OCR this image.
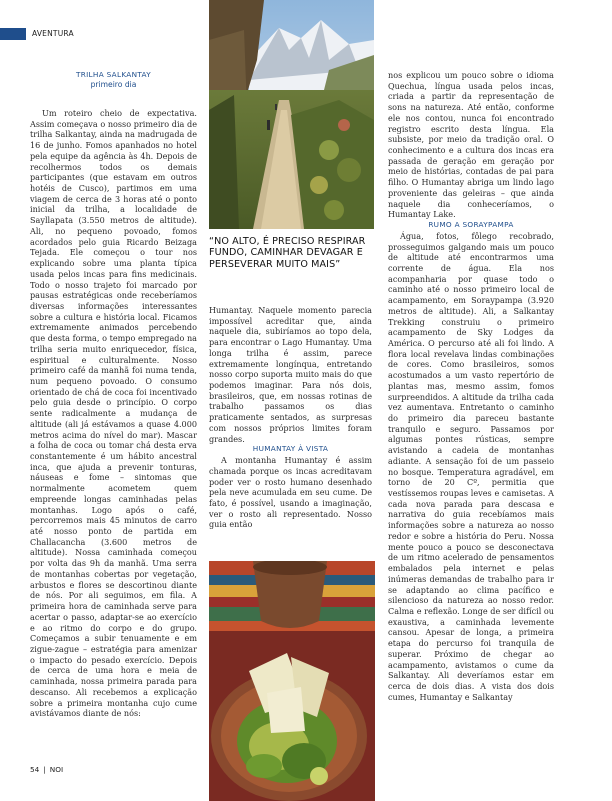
AVENTURA
TRILHA SALKANTAY
primeiro dia

Um roteiro cheio de expectativa. Assim começava o nosso primeiro dia de trilha Salkantay, ainda na madrugada de 16 de junho. Fomos apanhados no hotel pela equipe da agência às 4h. Depois de recolhermos todos os demais participantes (que estavam em outros hotéis de Cusco), partimos em uma viagem de cerca de 3 horas até o ponto inicial da trilha, a localidade de Sayllapata (3.550 metros de altitude). Ali, no pequeno povoado, fomos acordados pelo guia Ricardo Beizaga Tejada. Ele começou o tour nos explicando sobre uma planta típica usada pelos incas para fins medicinais. Todo o nosso trajeto foi marcado por pausas estratégicas onde receberíamos diversas informações interessantes sobre a cultura e história local. Ficamos extremamente animados percebendo que desta forma, o tempo empregado na trilha seria muito enriquecedor, física, espiritual e culturalmente. Nosso primeiro café da manhã foi numa tenda, num pequeno povoado. O consumo orientado de chá de coca foi incentivado pelo guia desde o princípio. O corpo sente radicalmente a mudança de altitude (ali já estávamos a quase 4.000 metros acima do nível do mar). Mascar a folha de coca ou tomar chá desta erva constantemente é um hábito ancestral inca, que ajuda a prevenir tonturas, náuseas e fome – sintomas que normalmente acometem quem empreende longas caminhadas pelas montanhas. Logo após o café, percorremos mais 45 minutos de carro até nosso ponto de partida em Challacancha (3.600 metros de altitude). Nossa caminhada começou por volta das 9h da manhã. Uma serra de montanhas cobertas por vegetação, arbustos e flores se descortinou diante de nós. Por ali seguimos, em fila. A primeira hora de caminhada serve para acertar o passo, adaptar-se ao exercício e ao ritmo do corpo e do grupo. Começamos a subir tenuamente e em zigue-zague – estratégia para amenizar o impacto do pesado exercício. Depois de cerca de uma hora e meia de caminhada, nossa primeira parada para descanso. Ali recebemos a explicação sobre a primeira montanha cujo cume avistávamos diante de nós:

“NO ALTO, É PRECISO RESPIRAR FUNDO, CAMINHAR DEVAGAR E PERSEVERAR MUITO MAIS”

Humantay. Naquele momento parecia impossível acreditar que, ainda naquele dia, subiríamos ao topo dela, para encontrar o Lago Humantay. Uma longa trilha é assim, parece extremamente longínqua, entretando nosso corpo suporta muito mais do que podemos imaginar. Para nós dois, brasileiros, que, em nossas rotinas de trabalho passamos os dias praticamente sentados, as surpresas com nossos próprios limites foram grandes.

HUMANTAY À VISTA

A montanha Humantay é assim chamada porque os incas acreditavam poder ver o rosto humano desenhado pela neve acumulada em seu cume. De fato, é possível, usando a imaginação, ver o rosto ali representado. Nosso guia então

nos explicou um pouco sobre o idioma Quechua, língua usada pelos incas, criada a partir da representação de sons na natureza. Até então, conforme ele nos contou, nunca foi encontrado registro escrito desta língua. Ela subsiste, por meio da tradição oral. O conhecimento e a cultura dos incas era passada de geração em geração por meio de histórias, contadas de pai para filho. O Humantay abriga um lindo lago proveniente das geleiras – que ainda naquele dia conheceríamos, o Humantay Lake.

RUMO A SORAYPAMPA

Água, fotos, fôlego recobrado, prosseguimos galgando mais um pouco de altitude até encontrarmos uma corrente de água. Ela nos acompanharia por quase todo o caminho até o nosso primeiro local de acampamento, em Soraypampa (3.920 metros de altitude). Ali, a Salkantay Trekking construiu o primeiro acampamento de Sky Lodges da América. O percurso até ali foi lindo. A flora local revelava lindas combinações de cores. Como brasileiros, somos acostumados a um vasto repertório de plantas mas, mesmo assim, fomos surpreendidos. A altitude da trilha cada vez aumentava. Entretanto o caminho do primeiro dia pareceu bastante tranquilo e seguro. Passamos por algumas pontes rústicas, sempre avistando a cadeia de montanhas adiante. A sensação foi de um passeio no bosque. Temperatura agradável, em torno de 20 Cº, permitia que vestíssemos roupas leves e camisetas. A cada nova parada para descasa e narrativa do guia recebíamos mais informações sobre a natureza ao nosso redor e sobre a história do Peru. Nossa mente pouco a pouco se desconectava de um ritmo acelerado de pensamentos embalados pela internet e pelas inúmeras demandas de trabalho para ir se adaptando ao clima pacífico e silencioso da natureza ao nosso redor. Calma e reflexão. Longe de ser difícil ou exaustiva, a caminhada levemente cansou. Apesar de longa, a primeira etapa do percurso foi tranquila de superar. Próximo de chegar ao acampamento, avistamos o cume da Salkantay. Ali deveríamos estar em cerca de dois dias. A vista dos dois cumes, Humantay e Salkantay

54 | NOI
